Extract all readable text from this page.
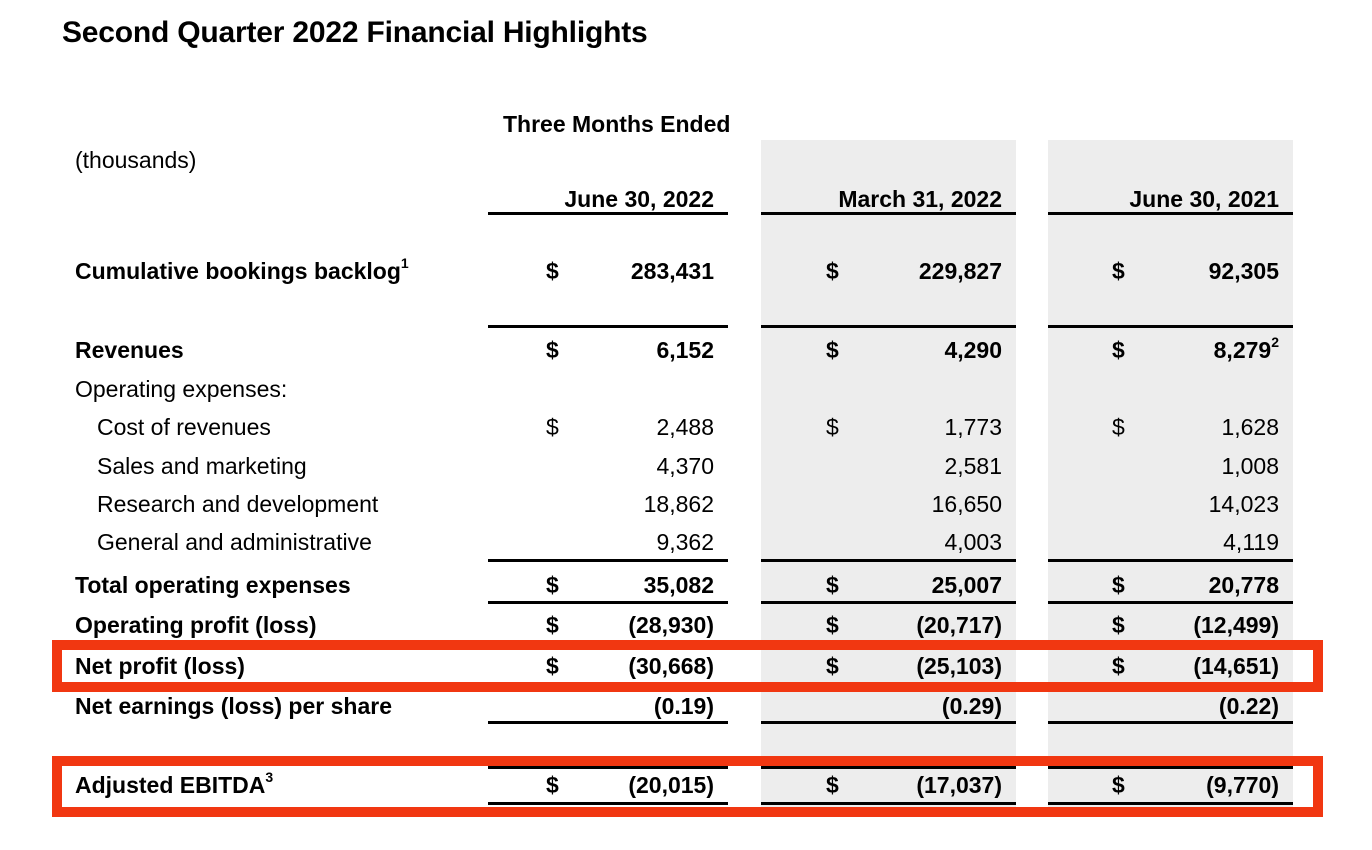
Second Quarter 2022 Financial Highlights
Three Months Ended
(thousands)
June 30, 2022	March 31, 2022	June 30, 2021
Cumulative bookings backlog$^1$	$	283,431	$	229,827	$	92,305
Revenues	$	6,152	$	4,290	$	8,279$^2$
Operating expenses:
Cost of revenues	$	2,488	$	1,773	$	1,628
Sales and marketing	4,370	2,581	1,008
Research and development	18,862	16,650	14,023
General and administrative	9,362	4,003	4,119
Total operating expenses	$	35,082	$	25,007	$	20,778
Operating profit (loss)	$	(28,930)	$	(20,717)	$	(12,499)
Net profit (loss)	$	(30,668)	$	(25,103)	$	(14,651)
Net earnings (loss) per share	(0.19)	(0.29)	(0.22)
Adjusted EBITDA$^3$	$	(20,015)	$	(17,037)	$	(9,770)
